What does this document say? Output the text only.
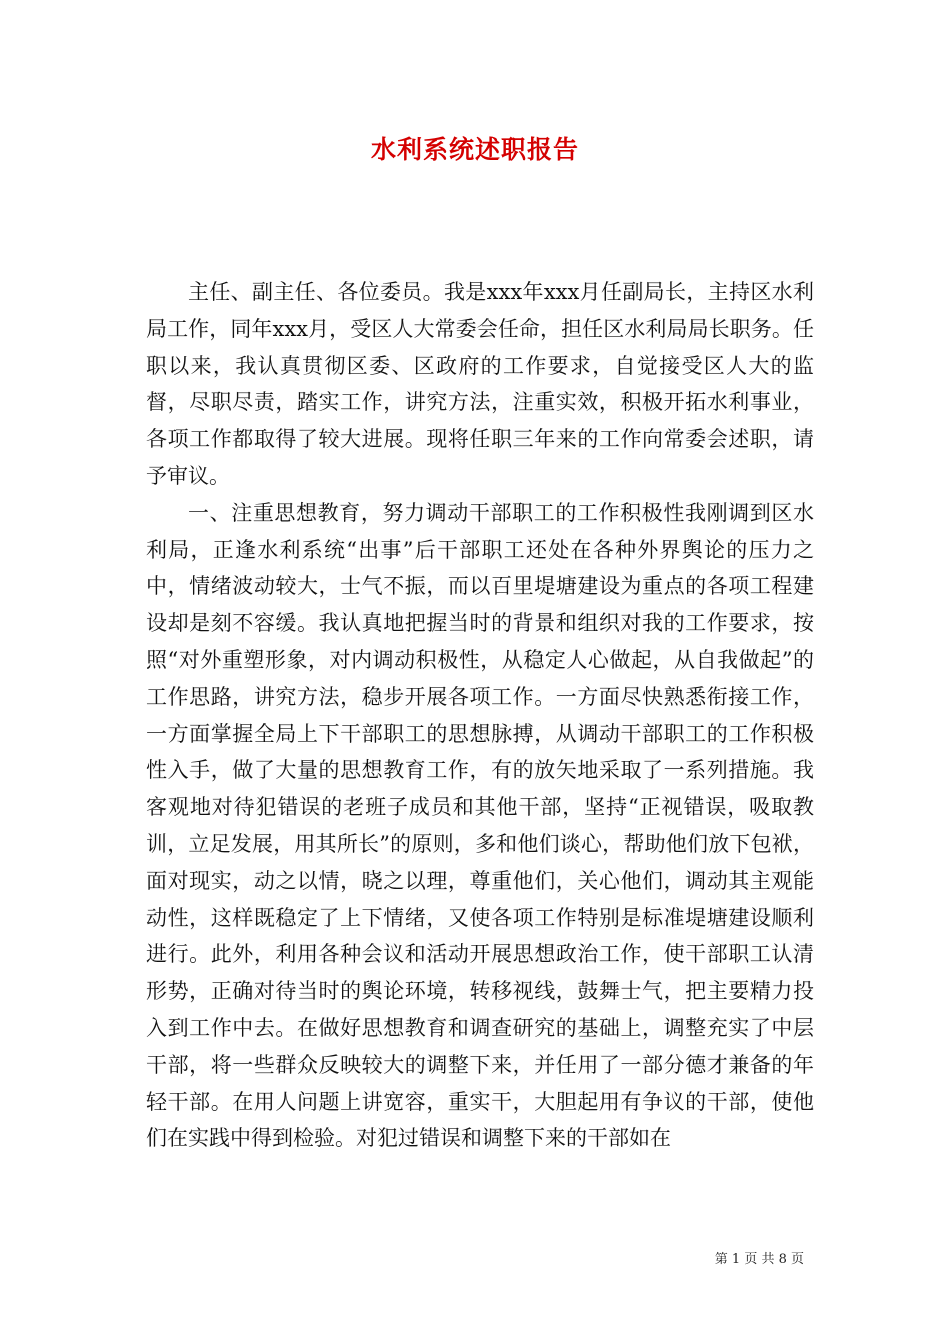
水利系统述职报告

主任、副主任、各位委员。我是xxx年xxx月任副局长，主持区水利局工作，同年xxx月，受区人大常委会任命，担任区水利局局长职务。任职以来，我认真贯彻区委、区政府的工作要求，自觉接受区人大的监督，尽职尽责，踏实工作，讲究方法，注重实效，积极开拓水利事业，各项工作都取得了较大进展。现将任职三年来的工作向常委会述职，请予审议。

一、注重思想教育，努力调动干部职工的工作积极性我刚调到区水利局，正逢水利系统“出事”后干部职工还处在各种外界舆论的压力之中，情绪波动较大，士气不振，而以百里堤塘建设为重点的各项工程建设却是刻不容缓。我认真地把握当时的背景和组织对我的工作要求，按照“对外重塑形象，对内调动积极性，从稳定人心做起，从自我做起”的工作思路，讲究方法，稳步开展各项工作。一方面尽快熟悉衔接工作，一方面掌握全局上下干部职工的思想脉搏，从调动干部职工的工作积极性入手，做了大量的思想教育工作，有的放矢地采取了一系列措施。我客观地对待犯错误的老班子成员和其他干部，坚持“正视错误，吸取教训，立足发展，用其所长”的原则，多和他们谈心，帮助他们放下包袱，面对现实，动之以情，晓之以理，尊重他们，关心他们，调动其主观能动性，这样既稳定了上下情绪，又使各项工作特别是标准堤塘建设顺利进行。此外，利用各种会议和活动开展思想政治工作，使干部职工认清形势，正确对待当时的舆论环境，转移视线，鼓舞士气，把主要精力投入到工作中去。在做好思想教育和调查研究的基础上，调整充实了中层干部，将一些群众反映较大的调整下来，并任用了一部分德才兼备的年轻干部。在用人问题上讲宽容，重实干，大胆起用有争议的干部，使他们在实践中得到检验。对犯过错误和调整下来的干部如在

第 1 页 共 8 页
